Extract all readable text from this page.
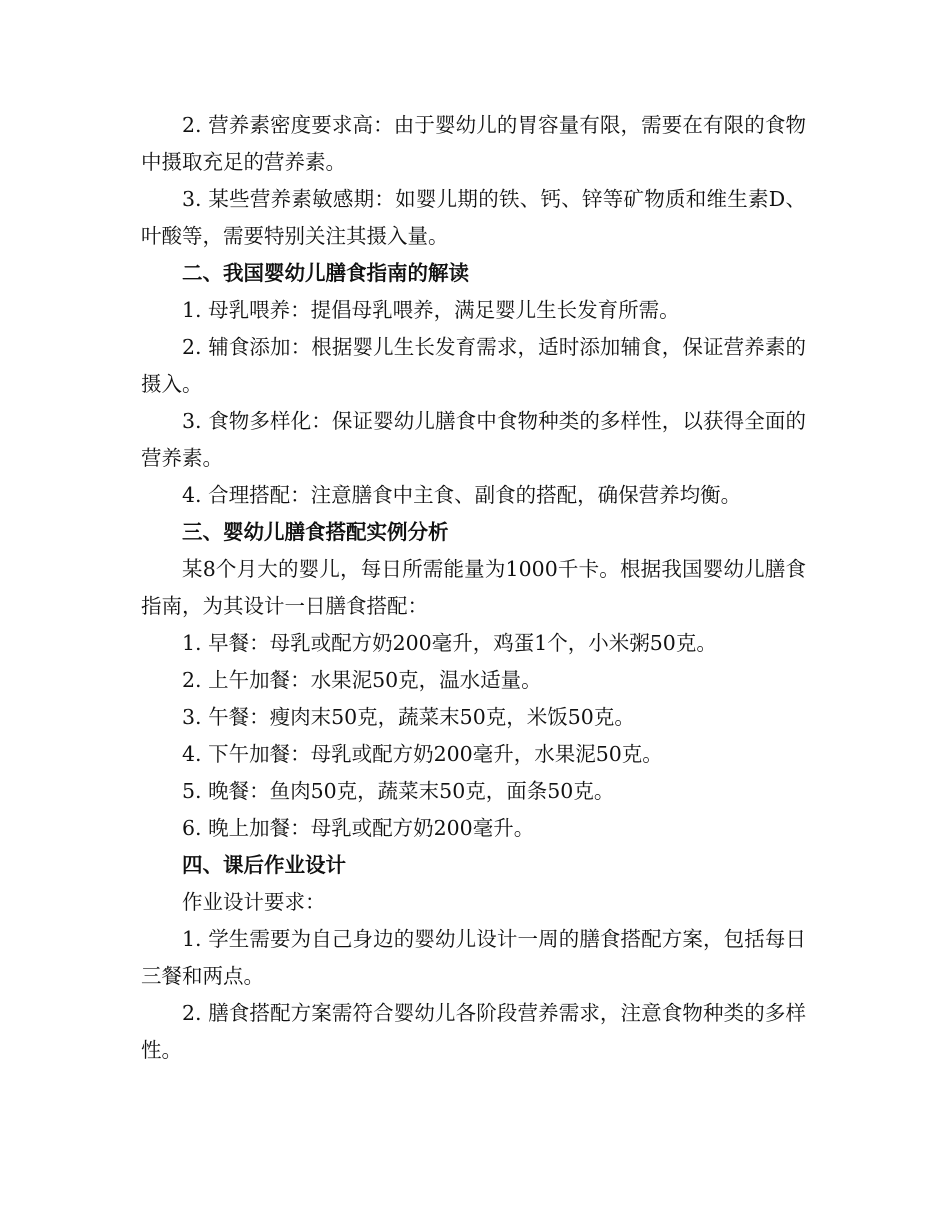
2. 营养素密度要求高：由于婴幼儿的胃容量有限，需要在有限的食物中摄取充足的营养素。

3. 某些营养素敏感期：如婴儿期的铁、钙、锌等矿物质和维生素D、叶酸等，需要特别关注其摄入量。

二、我国婴幼儿膳食指南的解读

1. 母乳喂养：提倡母乳喂养，满足婴儿生长发育所需。

2. 辅食添加：根据婴儿生长发育需求，适时添加辅食，保证营养素的摄入。

3. 食物多样化：保证婴幼儿膳食中食物种类的多样性，以获得全面的营养素。

4. 合理搭配：注意膳食中主食、副食的搭配，确保营养均衡。

三、婴幼儿膳食搭配实例分析

某8个月大的婴儿，每日所需能量为1000千卡。根据我国婴幼儿膳食指南，为其设计一日膳食搭配：

1. 早餐：母乳或配方奶200毫升，鸡蛋1个，小米粥50克。

2. 上午加餐：水果泥50克，温水适量。

3. 午餐：瘦肉末50克，蔬菜末50克，米饭50克。

4. 下午加餐：母乳或配方奶200毫升，水果泥50克。

5. 晚餐：鱼肉50克，蔬菜末50克，面条50克。

6. 晚上加餐：母乳或配方奶200毫升。

四、课后作业设计

作业设计要求：

1. 学生需要为自己身边的婴幼儿设计一周的膳食搭配方案，包括每日三餐和两点。

2. 膳食搭配方案需符合婴幼儿各阶段营养需求，注意食物种类的多样性。
